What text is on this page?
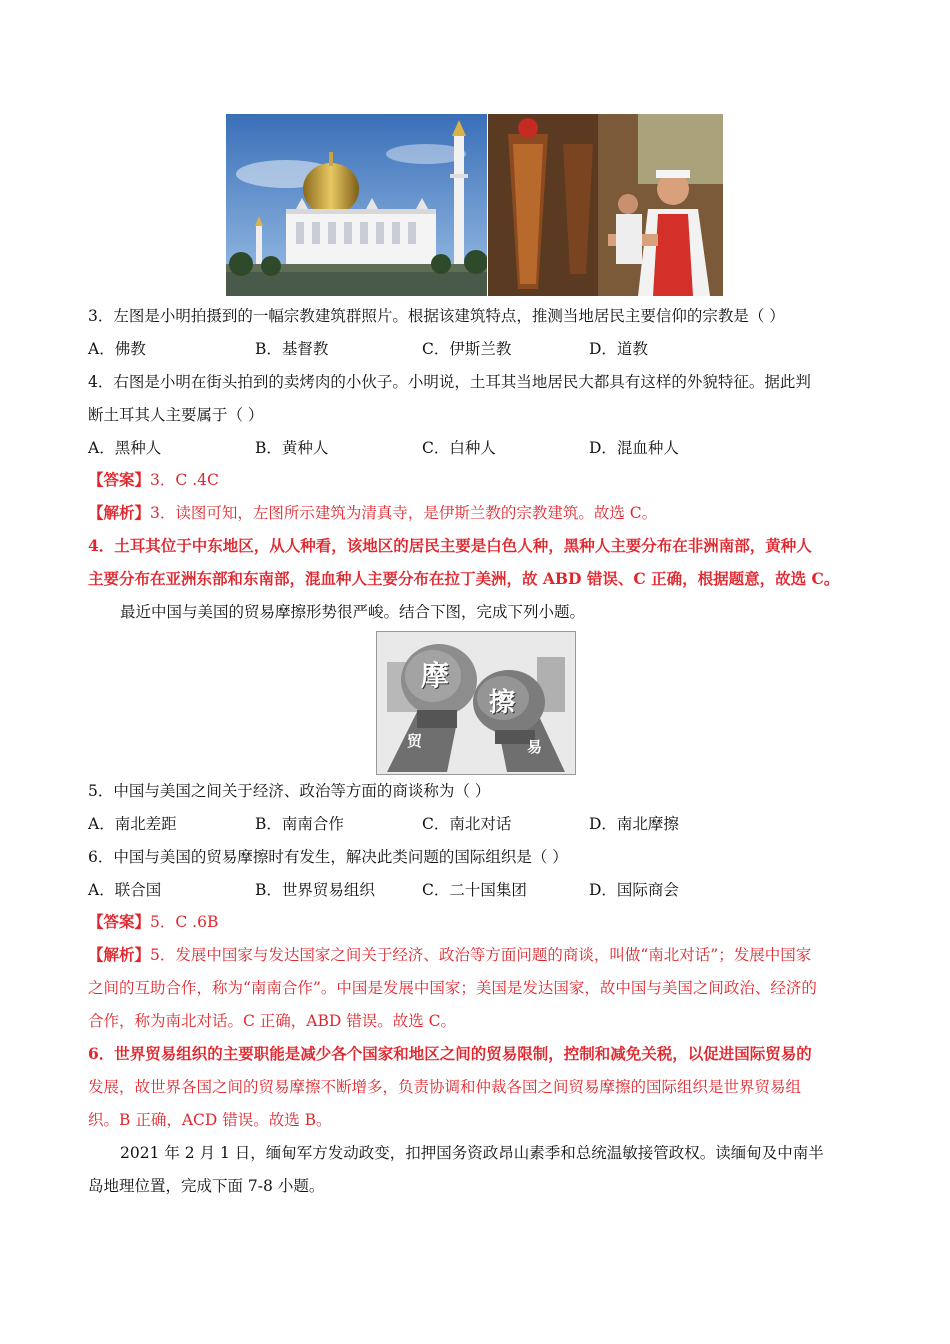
3．左图是小明拍摄到的一幅宗教建筑群照片。根据该建筑特点，推测当地居民主要信仰的宗教是（ ）
A．佛教	B．基督教	C．伊斯兰教	D．道教
4．右图是小明在街头拍到的卖烤肉的小伙子。小明说，土耳其当地居民大都具有这样的外貌特征。据此判
断土耳其人主要属于（ ）
A．黑种人	B．黄种人	C．白种人	D．混血种人
【答案】3．C .4C
【解析】3．读图可知，左图所示建筑为清真寺，是伊斯兰教的宗教建筑。故选 C。
4．土耳其位于中东地区，从人种看，该地区的居民主要是白色人种，黑种人主要分布在非洲南部，黄种人
主要分布在亚洲东部和东南部，混血种人主要分布在拉丁美洲，故 ABD 错误、C 正确，根据题意，故选 C。
最近中国与美国的贸易摩擦形势很严峻。结合下图，完成下列小题。
摩
擦
贸	易
5．中国与美国之间关于经济、政治等方面的商谈称为（ ）
A．南北差距	B．南南合作	C．南北对话	D．南北摩擦
6．中国与美国的贸易摩擦时有发生，解决此类问题的国际组织是（ ）
A．联合国	B．世界贸易组织	C．二十国集团	D．国际商会
【答案】5．C .6B
【解析】5．发展中国家与发达国家之间关于经济、政治等方面问题的商谈，叫做“南北对话”；发展中国家
之间的互助合作，称为“南南合作”。中国是发展中国家；美国是发达国家，故中国与美国之间政治、经济的
合作，称为南北对话。C 正确，ABD 错误。故选 C。
6．世界贸易组织的主要职能是减少各个国家和地区之间的贸易限制，控制和减免关税，以促进国际贸易的
发展，故世界各国之间的贸易摩擦不断增多，负责协调和仲裁各国之间贸易摩擦的国际组织是世界贸易组
织。B 正确，ACD 错误。故选 B。
2021 年 2 月 1 日，缅甸军方发动政变，扣押国务资政昂山素季和总统温敏接管政权。读缅甸及中南半
岛地理位置，完成下面 7-8 小题。
